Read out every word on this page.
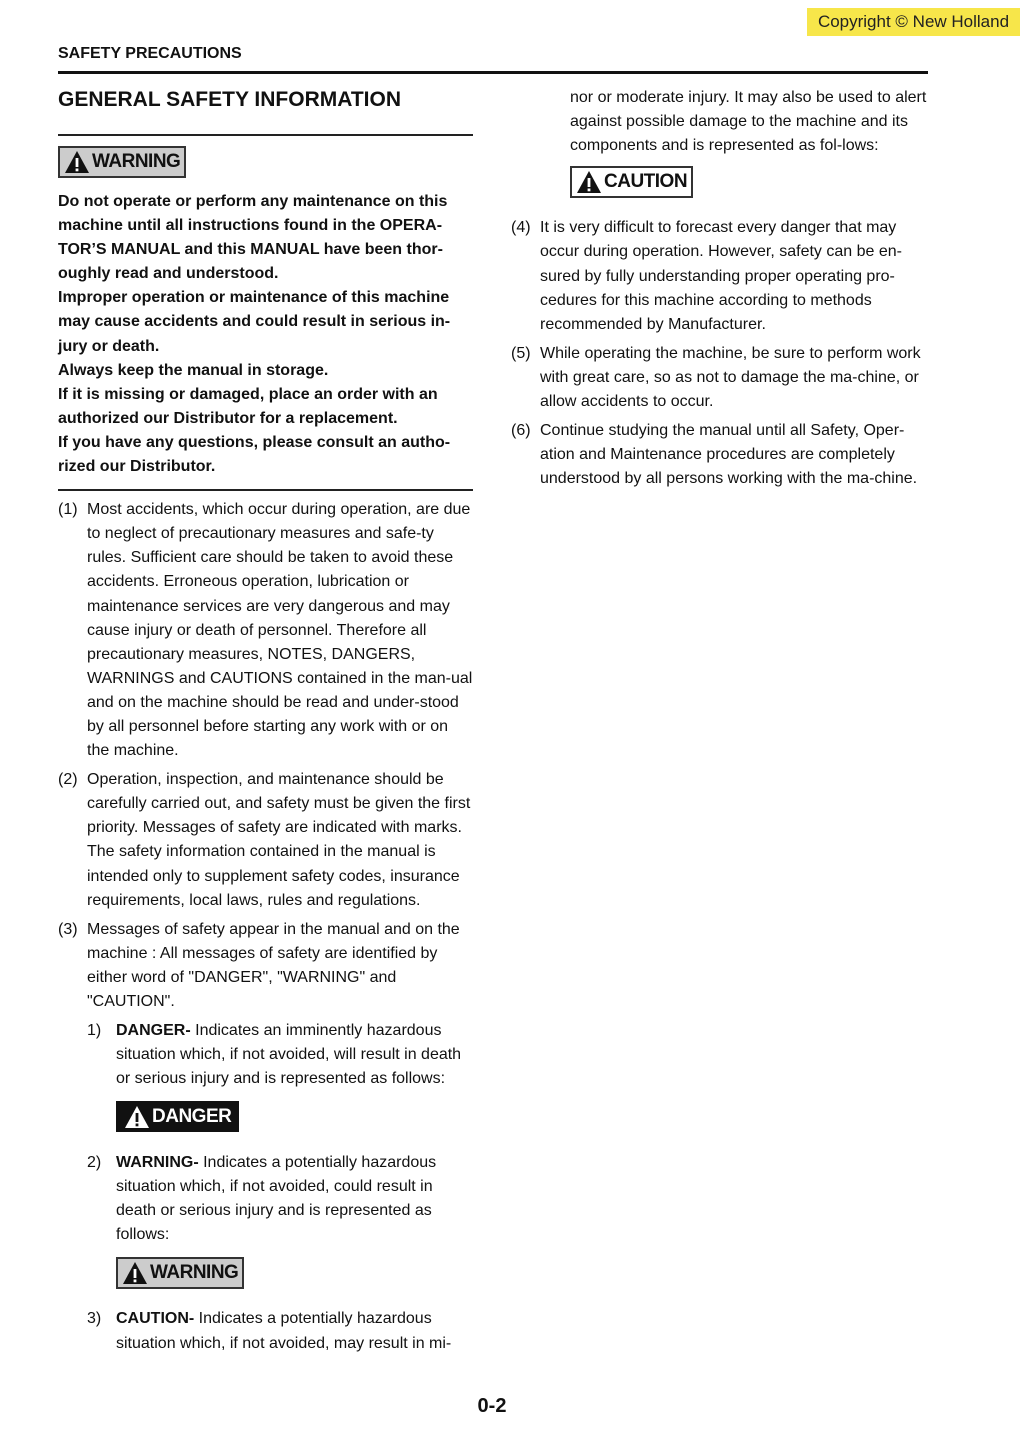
Copyright © New Holland
SAFETY PRECAUTIONS
GENERAL SAFETY INFORMATION
WARNING

Do not operate or perform any maintenance on this machine until all instructions found in the OPERA-TOR’S MANUAL and this MANUAL have been thor-oughly read and understood.

Improper operation or maintenance of this machine may cause accidents and could result in serious in-jury or death.

Always keep the manual in storage.

If it is missing or damaged, place an order with an authorized our Distributor for a replacement.

If you have any questions, please consult an autho-rized our Distributor.

(1) Most accidents, which occur during operation, are due to neglect of precautionary measures and safe-ty rules. Sufficient care should be taken to avoid these accidents. Erroneous operation, lubrication or maintenance services are very dangerous and may cause injury or death of personnel. Therefore all precautionary measures, NOTES, DANGERS, WARNINGS and CAUTIONS contained in the man-ual and on the machine should be read and under-stood by all personnel before starting any work with or on the machine.
(2) Operation, inspection, and maintenance should be carefully carried out, and safety must be given the first priority. Messages of safety are indicated with marks. The safety information contained in the manual is intended only to supplement safety codes, insurance requirements, local laws, rules and regulations.
(3) Messages of safety appear in the manual and on the machine : All messages of safety are identified by either word of "DANGER", "WARNING" and "CAUTION".
1) DANGER- Indicates an imminently hazardous situation which, if not avoided, will result in death or serious injury and is represented as follows:
DANGER
2) WARNING- Indicates a potentially hazardous situation which, if not avoided, could result in death or serious injury and is represented as follows:
WARNING
3) CAUTION- Indicates a potentially hazardous situation which, if not avoided, may result in mi-
nor or moderate injury. It may also be used to alert against possible damage to the machine and its components and is represented as fol-lows:
CAUTION
(4) It is very difficult to forecast every danger that may occur during operation. However, safety can be en-sured by fully understanding proper operating pro-cedures for this machine according to methods recommended by Manufacturer.
(5) While operating the machine, be sure to perform work with great care, so as not to damage the ma-chine, or allow accidents to occur.
(6) Continue studying the manual until all Safety, Oper-ation and Maintenance procedures are completely understood by all persons working with the ma-chine.
0-2
